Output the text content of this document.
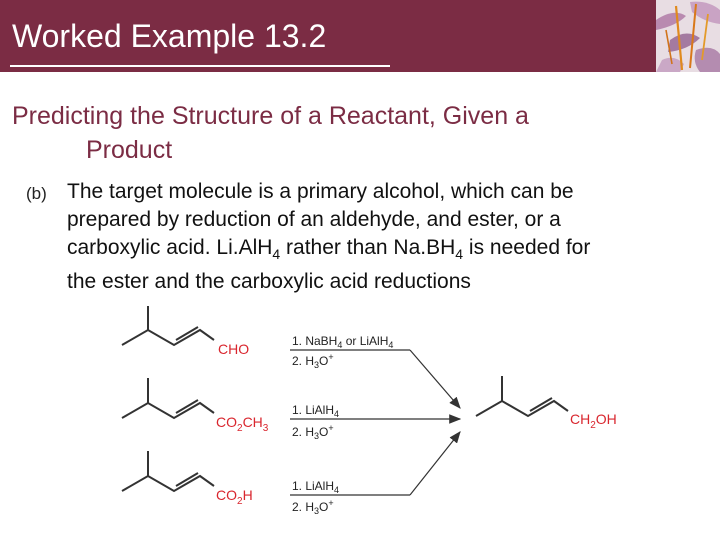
Worked Example 13.2
Predicting the Structure of a Reactant, Given a
Product
(b) The target molecule is a primary alcohol, which can be
prepared by reduction of an aldehyde, and ester, or a
carboxylic acid. Li.AlH$_4$ rather than $Na.BH_4$ is needed for
the ester and the carboxylic acid reductions
CHO
$CO_2CH_3$
$CO_2H$
1. NaBH$_4$ or LiAlH$_4$
2. $H_3O^+$
1. LiAlH$_4$
2. $H_3O^+$
1. LiAlH$_4$
2. $H_3O^+$
$CH_2OH$
